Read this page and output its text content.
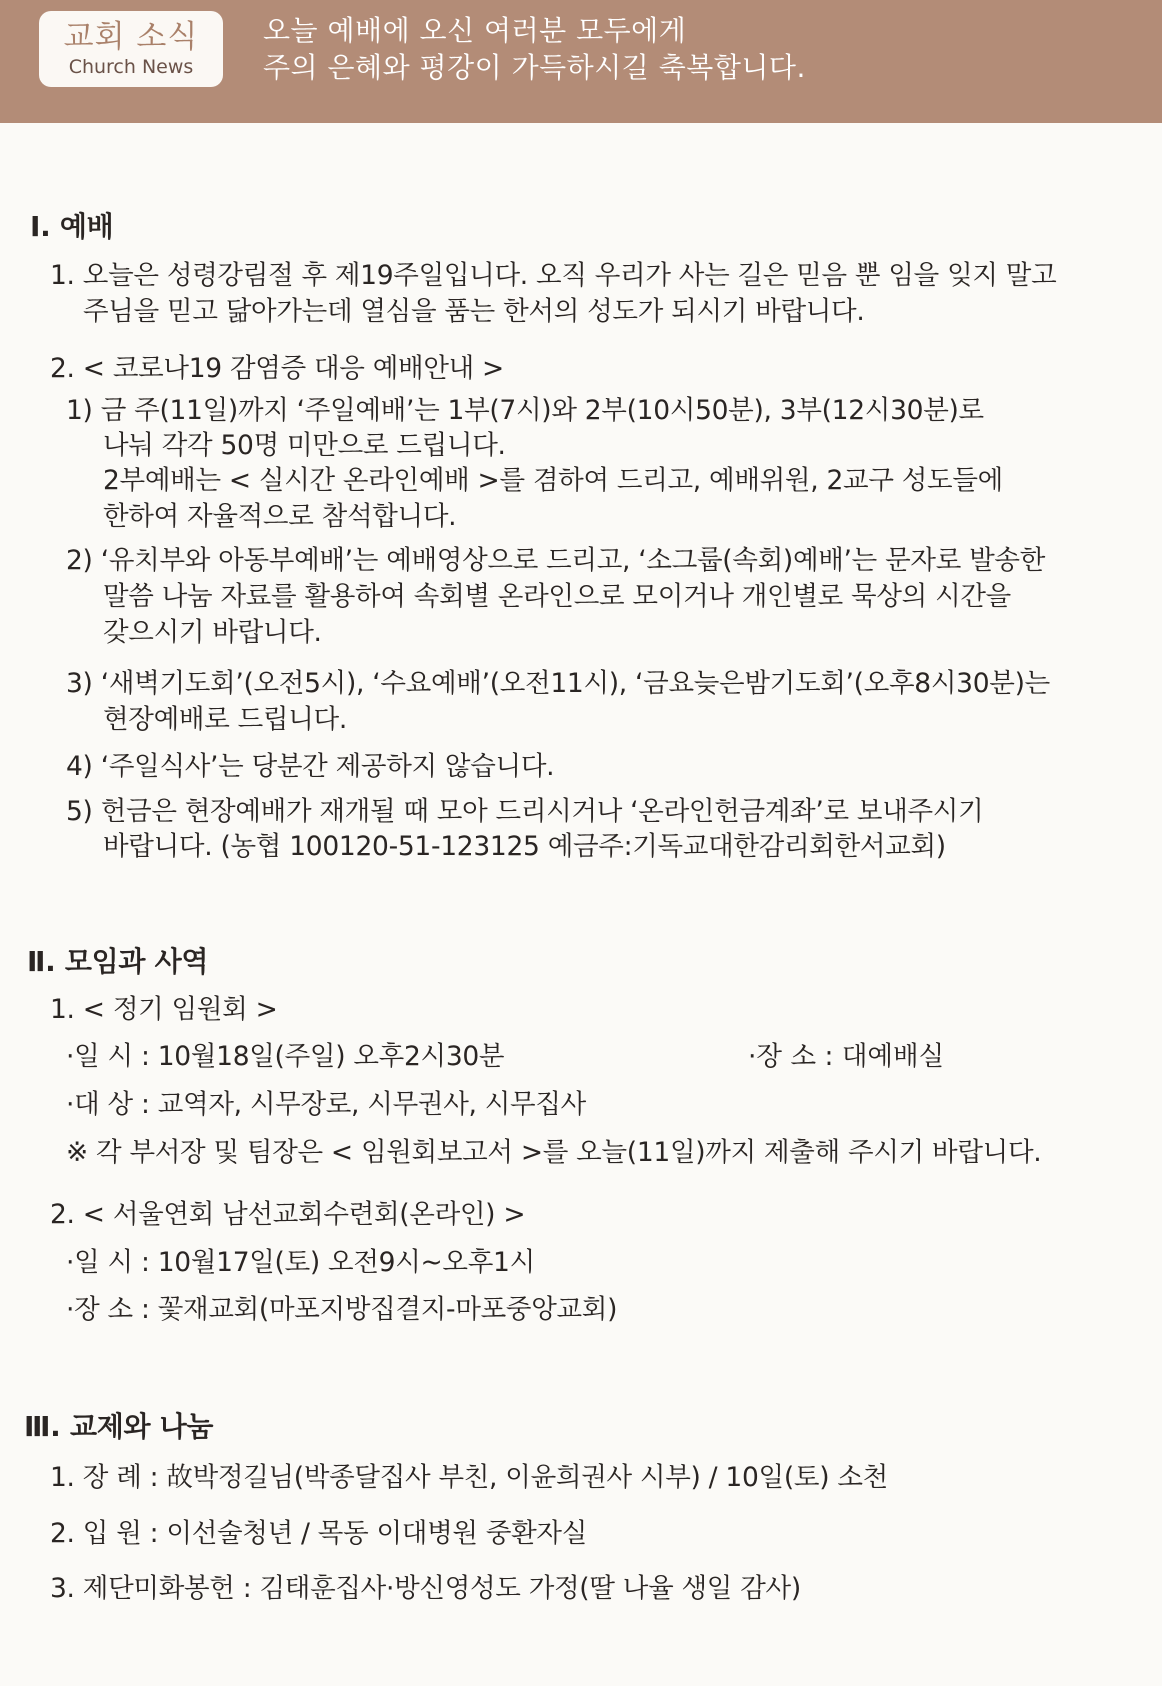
교회 소식
Church News
오늘 예배에 오신 여러분 모두에게
주의 은혜와 평강이 가득하시길 축복합니다.
Ⅰ. 예배
1. 오늘은 성령강림절 후 제19주일입니다. 오직 우리가 사는 길은 믿음 뿐 임을 잊지 말고
주님을 믿고 닮아가는데 열심을 품는 한서의 성도가 되시기 바랍니다.
2. < 코로나19 감염증 대응 예배안내 >
1) 금 주(11일)까지 ‘주일예배’는 1부(7시)와 2부(10시50분), 3부(12시30분)로
나눠 각각 50명 미만으로 드립니다.
2부예배는 < 실시간 온라인예배 >를 겸하여 드리고, 예배위원, 2교구 성도들에
한하여 자율적으로 참석합니다.
2) ‘유치부와 아동부예배’는 예배영상으로 드리고, ‘소그룹(속회)예배’는 문자로 발송한
말씀 나눔 자료를 활용하여 속회별 온라인으로 모이거나 개인별로 묵상의 시간을
갖으시기 바랍니다.
3) ‘새벽기도회’(오전5시), ‘수요예배’(오전11시), ‘금요늦은밤기도회’(오후8시30분)는
현장예배로 드립니다.
4) ‘주일식사’는 당분간 제공하지 않습니다.
5) 헌금은 현장예배가 재개될 때 모아 드리시거나 ‘온라인헌금계좌’로 보내주시기
바랍니다. (농협 100120-51-123125 예금주:기독교대한감리회한서교회)
Ⅱ. 모임과 사역
1. < 정기 임원회 >
·일 시 : 10월18일(주일) 오후2시30분	·장 소 : 대예배실
·대 상 : 교역자, 시무장로, 시무권사, 시무집사
※ 각 부서장 및 팀장은 < 임원회보고서 >를 오늘(11일)까지 제출해 주시기 바랍니다.
2. < 서울연회 남선교회수련회(온라인) >
·일 시 : 10월17일(토) 오전9시~오후1시
·장 소 : 꽃재교회(마포지방집결지-마포중앙교회)
Ⅲ. 교제와 나눔
1. 장 례 : 故박정길님(박종달집사 부친, 이윤희권사 시부) / 10일(토) 소천
2. 입 원 : 이선술청년 / 목동 이대병원 중환자실
3. 제단미화봉헌 : 김태훈집사·방신영성도 가정(딸 나율 생일 감사)
